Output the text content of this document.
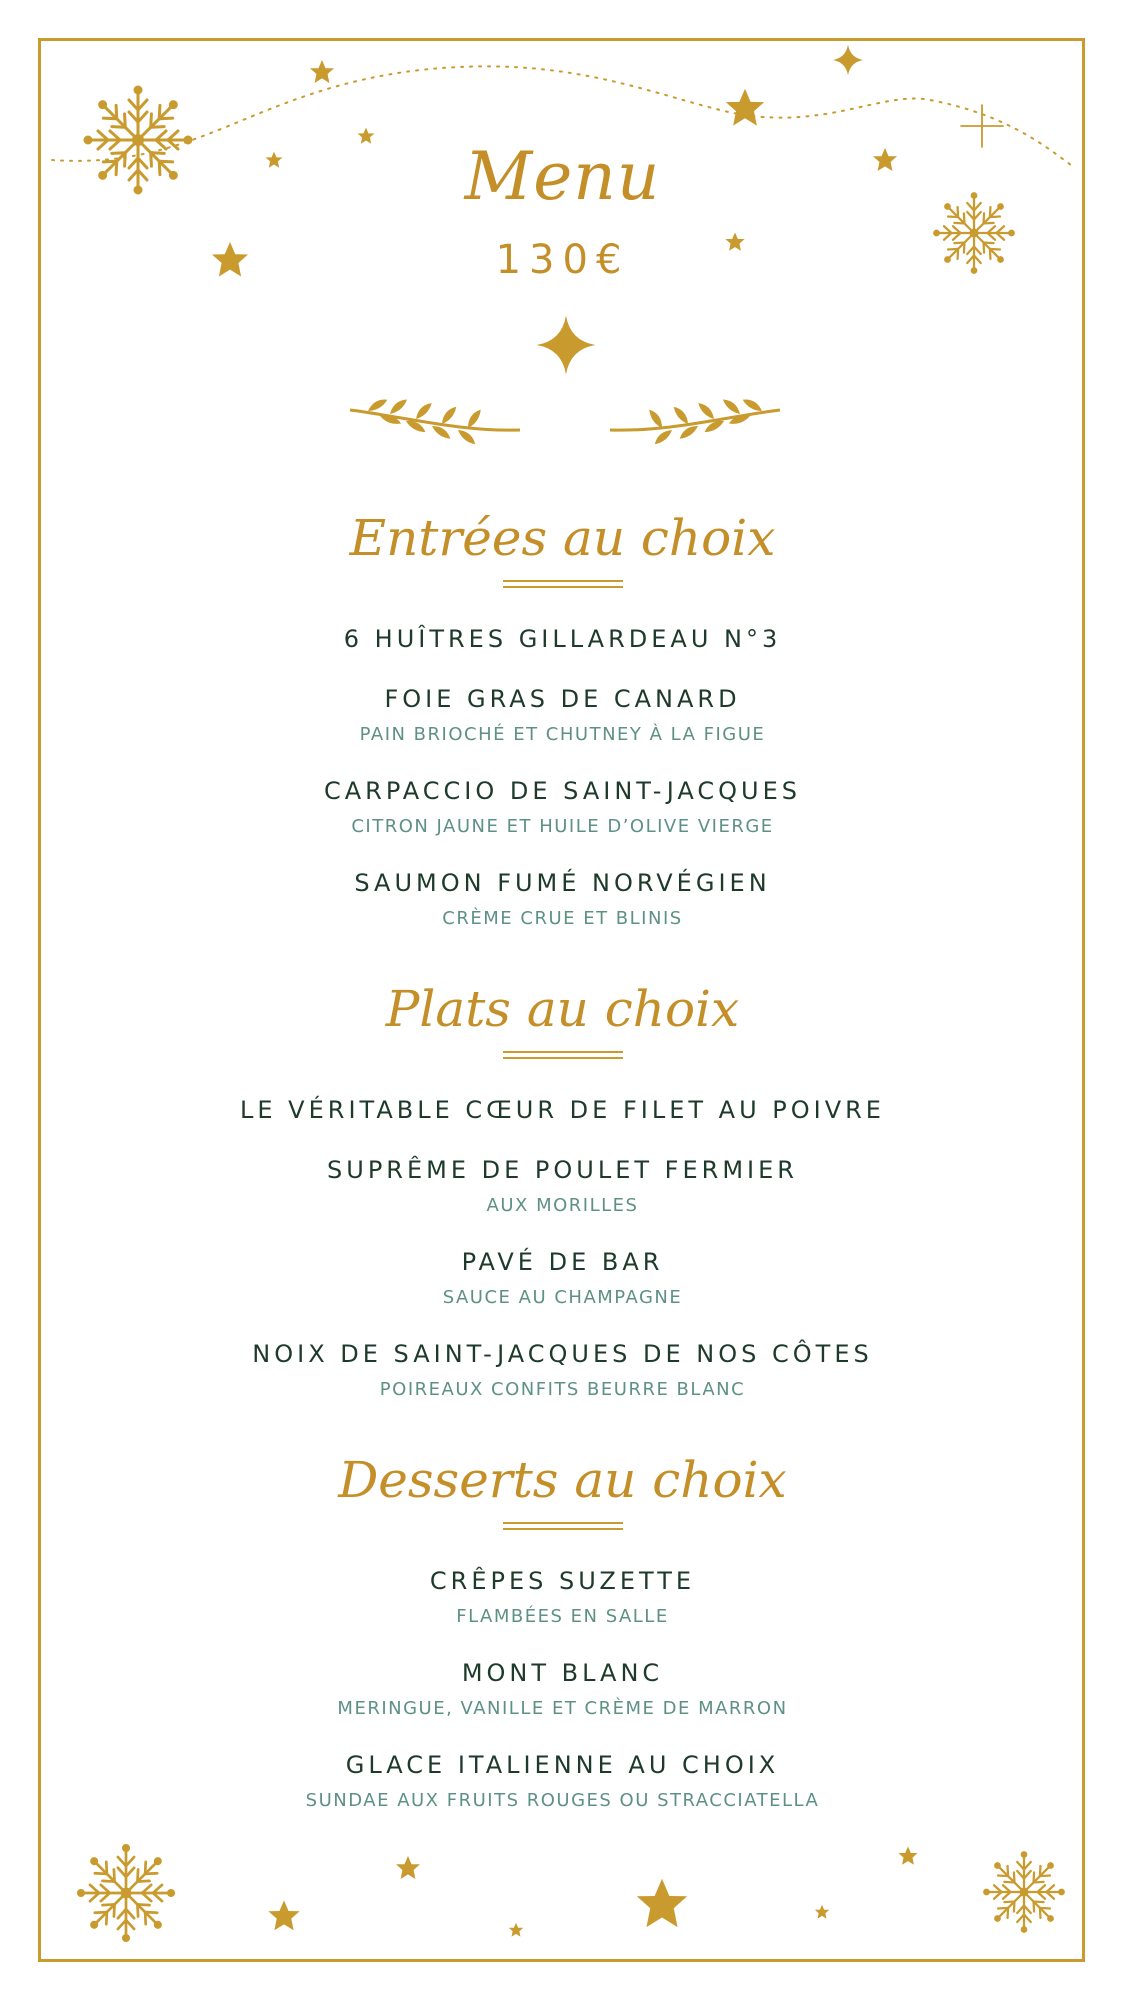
Menu
130€
Entrées au choix
6 HUÎTRES GILLARDEAU N°3
FOIE GRAS DE CANARD
PAIN BRIOCHÉ ET CHUTNEY À LA FIGUE
CARPACCIO DE SAINT-JACQUES
CITRON JAUNE ET HUILE D’OLIVE VIERGE
SAUMON FUMÉ NORVÉGIEN
CRÈME CRUE ET BLINIS
Plats au choix
LE VÉRITABLE CŒUR DE FILET AU POIVRE
SUPRÊME DE POULET FERMIER
AUX MORILLES
PAVÉ DE BAR
SAUCE AU CHAMPAGNE
NOIX DE SAINT-JACQUES DE NOS CÔTES
POIREAUX CONFITS BEURRE BLANC
Desserts au choix
CRÊPES SUZETTE
FLAMBÉES EN SALLE
MONT BLANC
MERINGUE, VANILLE ET CRÈME DE MARRON
GLACE ITALIENNE AU CHOIX
SUNDAE AUX FRUITS ROUGES OU STRACCIATELLA
